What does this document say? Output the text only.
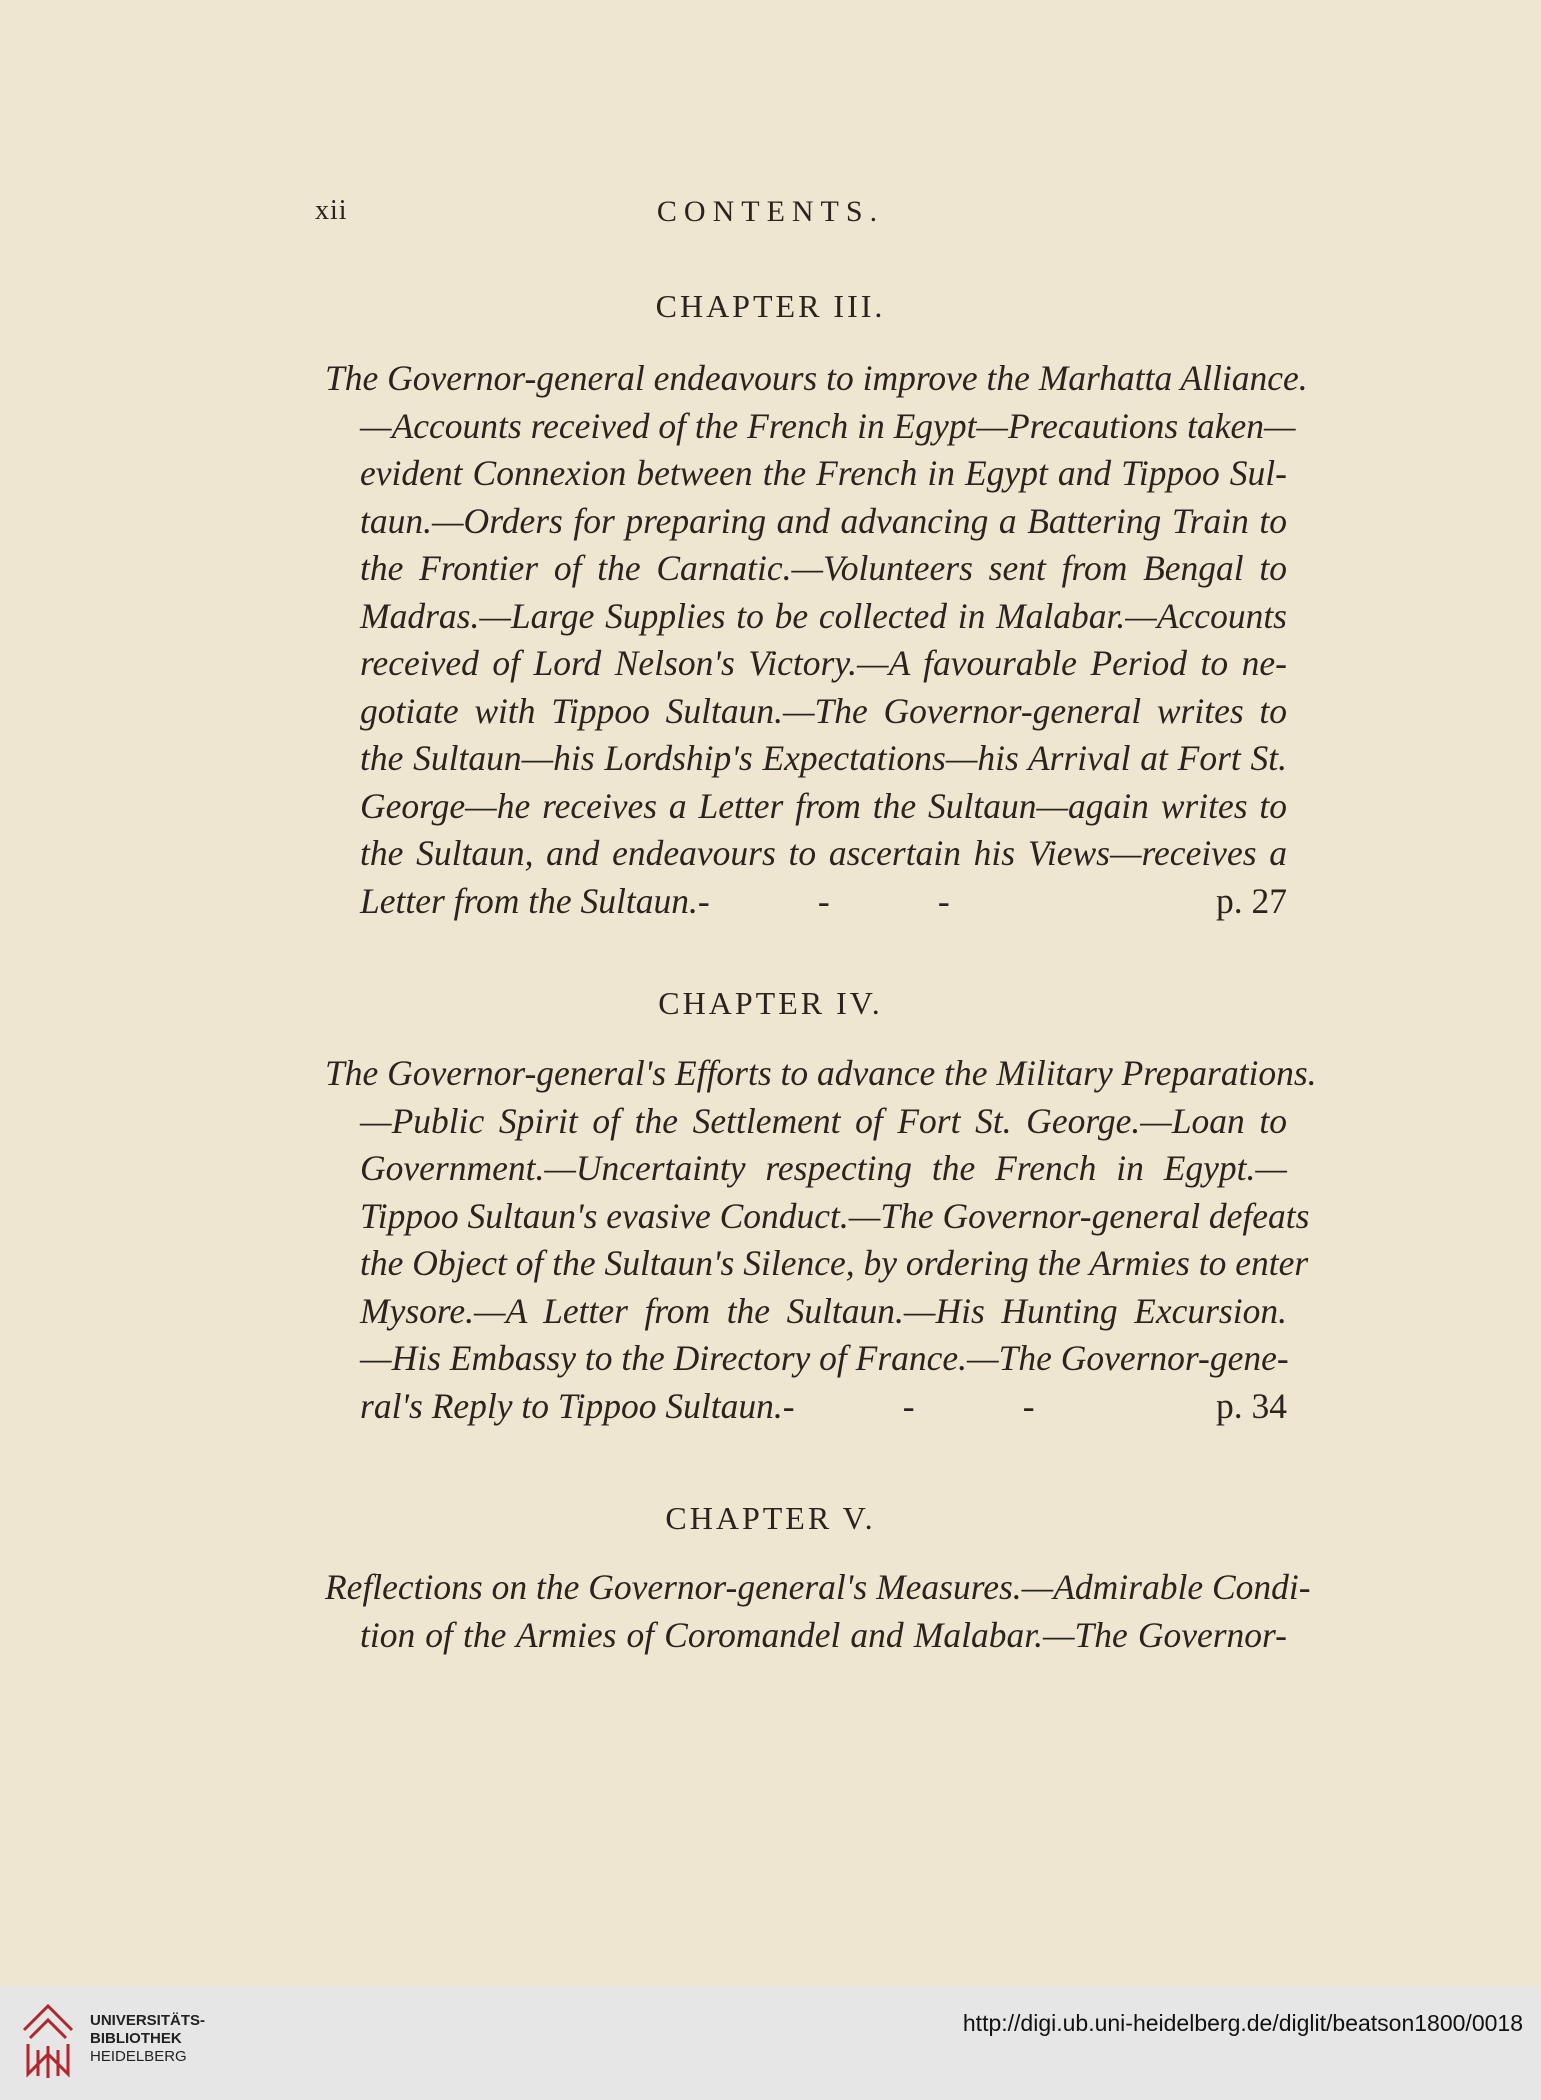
xii	CONTENTS.
CHAPTER III.
The Governor-general endeavours to improve the Marhatta Alliance.
—Accounts received of the French in Egypt—Precautions taken—
evident Connexion between the French in Egypt and Tippoo Sul-
taun.—Orders for preparing and advancing a Battering Train to
the Frontier of the Carnatic.—Volunteers sent from Bengal to
Madras.—Large Supplies to be collected in Malabar.—Accounts
received of Lord Nelson's Victory.—A favourable Period to ne-
gotiate with Tippoo Sultaun.—The Governor-general writes to
the Sultaun—his Lordship's Expectations—his Arrival at Fort St.
George—he receives a Letter from the Sultaun—again writes to
the Sultaun, and endeavours to ascertain his Views—receives a
Letter from the Sultaun.-	-	-	p. 27
CHAPTER IV.
The Governor-general's Efforts to advance the Military Preparations.
—Public Spirit of the Settlement of Fort St. George.—Loan to
Government.—Uncertainty respecting the French in Egypt.—
Tippoo Sultaun's evasive Conduct.—The Governor-general defeats
the Object of the Sultaun's Silence, by ordering the Armies to enter
Mysore.—A Letter from the Sultaun.—His Hunting Excursion.
—His Embassy to the Directory of France.—The Governor-gene-
ral's Reply to Tippoo Sultaun.-	-	-	p. 34
CHAPTER V.
Reflections on the Governor-general's Measures.—Admirable Condi-
tion of the Armies of Coromandel and Malabar.—The Governor-
UNIVERSITÄTS-
BIBLIOTHEK
HEIDELBERG
http://digi.ub.uni-heidelberg.de/diglit/beatson1800/0018
